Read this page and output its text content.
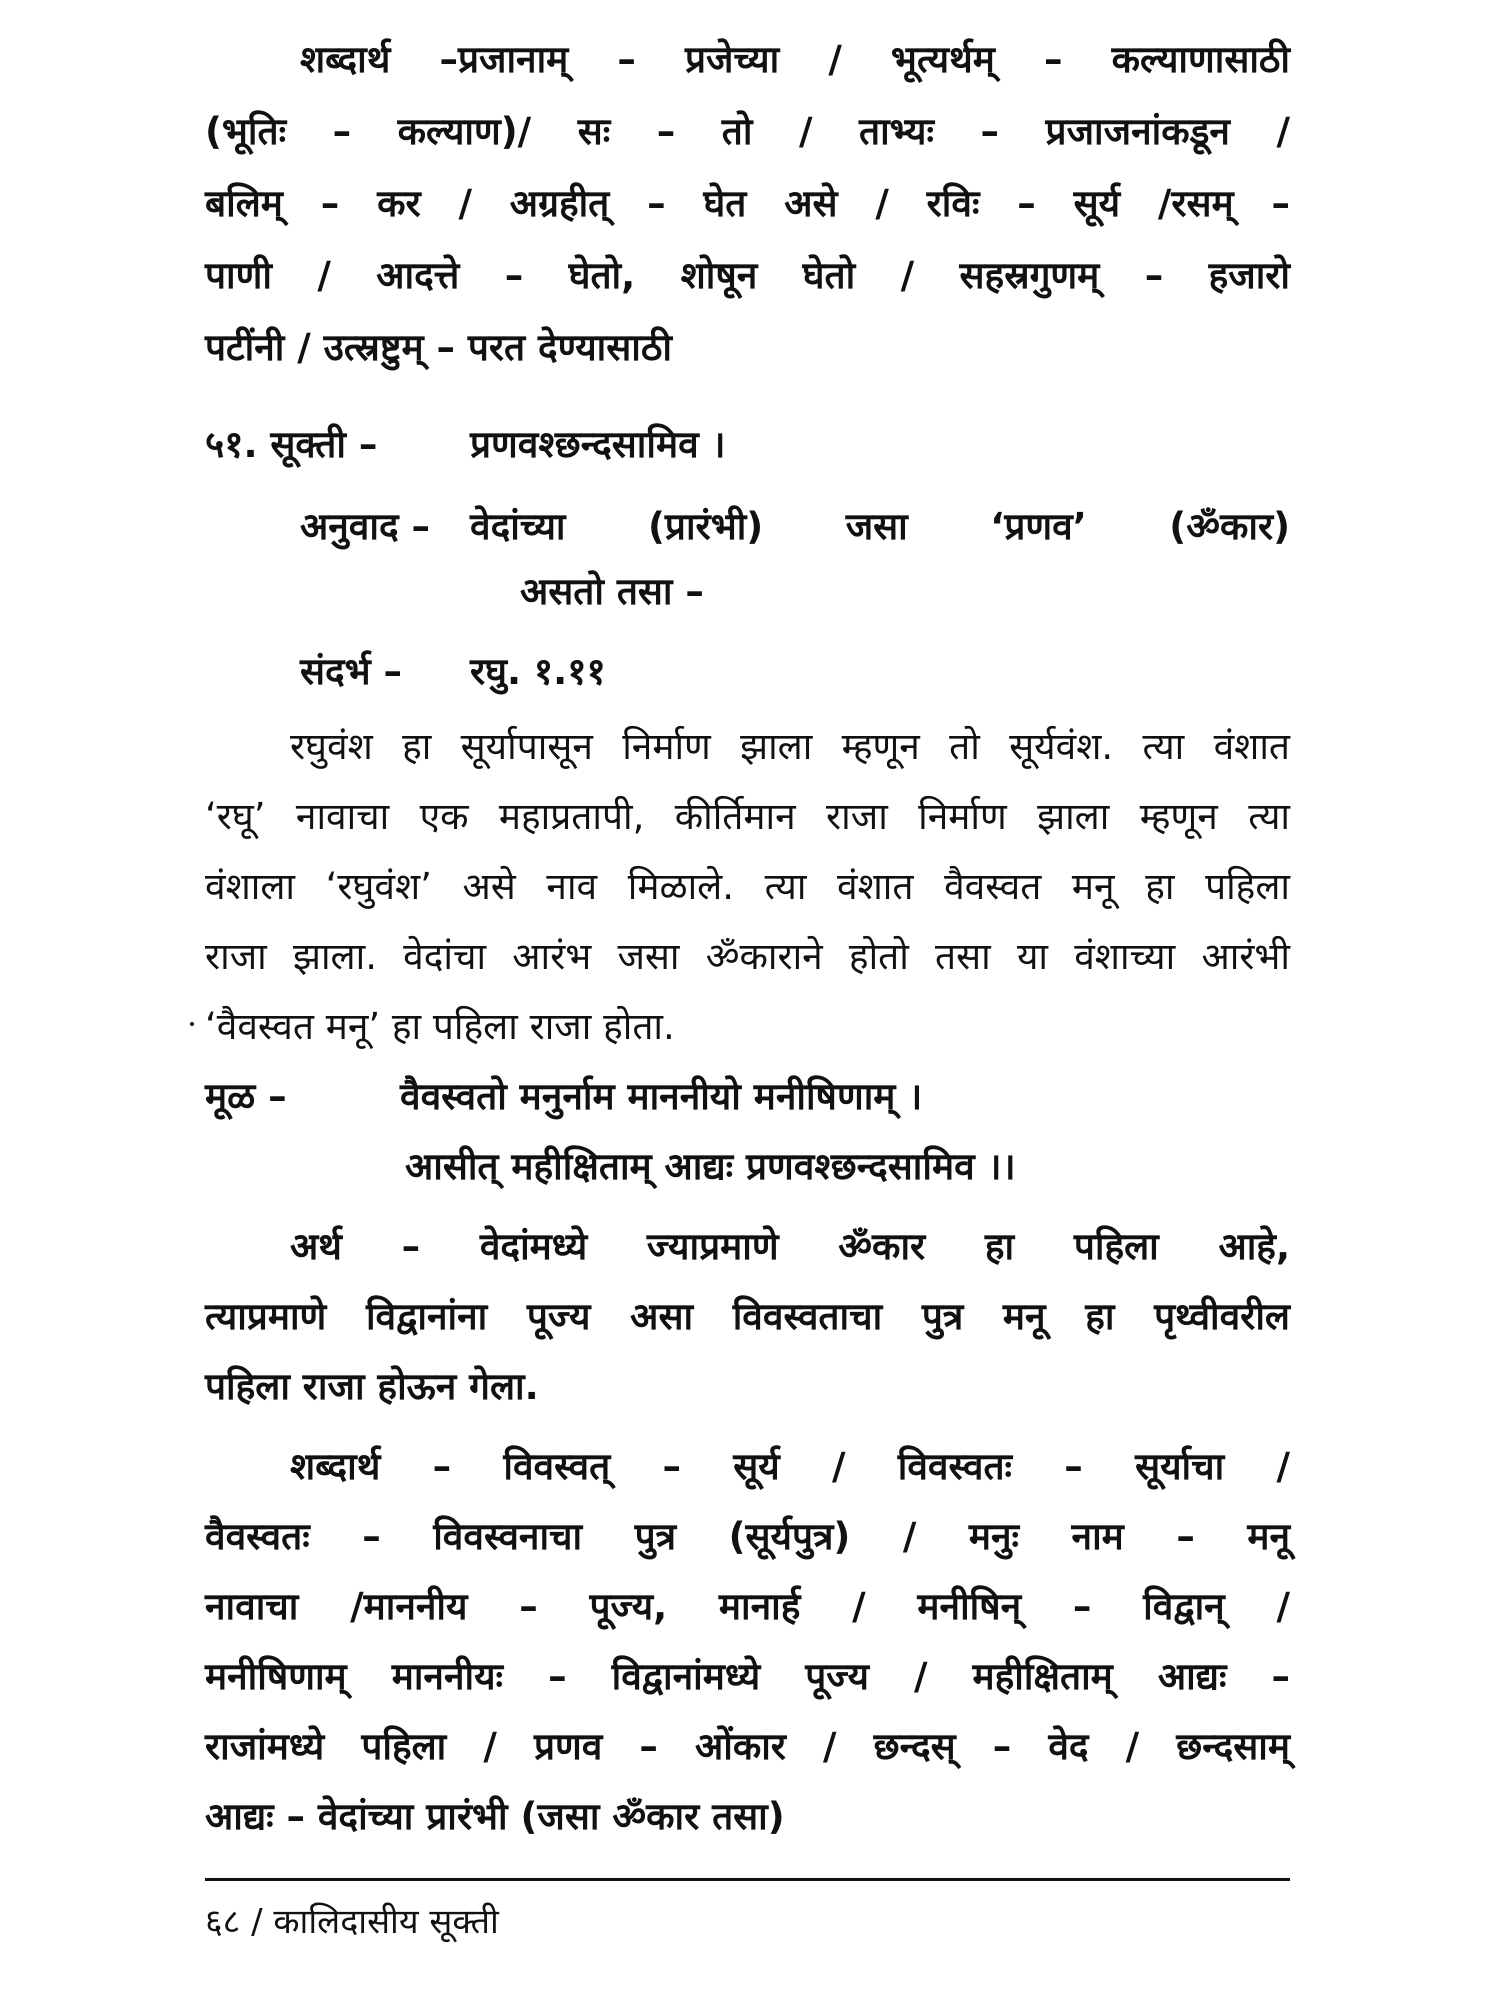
शब्दार्थ –प्रजानाम् – प्रजेच्या / भूत्यर्थम् – कल्याणासाठी
(भूतिः – कल्याण)/ सः – तो / ताभ्यः – प्रजाजनांकडून /
बलिम् – कर / अग्रहीत् – घेत असे / रविः – सूर्य /रसम् –
पाणी / आदत्ते – घेतो, शोषून घेतो / सहस्रगुणम् – हजारो
पटींनी / उत्स्रष्टुम् – परत देण्यासाठी
५१. सूक्ती –	प्रणवश्छन्दसामिव ।
अनुवाद – वेदांच्या (प्रारंभी) जसा ‘प्रणव’ (ॐकार)
असतो तसा –
संदर्भ – रघु. १.११
रघुवंश हा सूर्यापासून निर्माण झाला म्हणून तो सूर्यवंश. त्या वंशात
‘रघू’ नावाचा एक महाप्रतापी, कीर्तिमान राजा निर्माण झाला म्हणून त्या
वंशाला ‘रघुवंश’ असे नाव मिळाले. त्या वंशात वैवस्वत मनू हा पहिला
राजा झाला. वेदांचा आरंभ जसा ॐकाराने होतो तसा या वंशाच्या आरंभी
‘वैवस्वत मनू’ हा पहिला राजा होता.
मूळ –	वैवस्वतो मनुर्नाम माननीयो मनीषिणाम् ।
आसीत् महीक्षिताम् आद्यः प्रणवश्छन्दसामिव ।।
अर्थ – वेदांमध्ये ज्याप्रमाणे ॐकार हा पहिला आहे,
त्याप्रमाणे विद्वानांना पूज्य असा विवस्वताचा पुत्र मनू हा पृथ्वीवरील
पहिला राजा होऊन गेला.
शब्दार्थ – विवस्वत् – सूर्य / विवस्वतः – सूर्याचा /
वैवस्वतः – विवस्वनाचा पुत्र (सूर्यपुत्र) / मनुः नाम – मनू
नावाचा /माननीय – पूज्य, मानार्ह / मनीषिन् – विद्वान् /
मनीषिणाम् माननीयः – विद्वानांमध्ये पूज्य / महीक्षिताम् आद्यः –
राजांमध्ये पहिला / प्रणव – ओंकार / छन्दस् – वेद / छन्दसाम्
आद्यः – वेदांच्या प्रारंभी (जसा ॐकार तसा)
६८ / कालिदासीय सूक्ती
